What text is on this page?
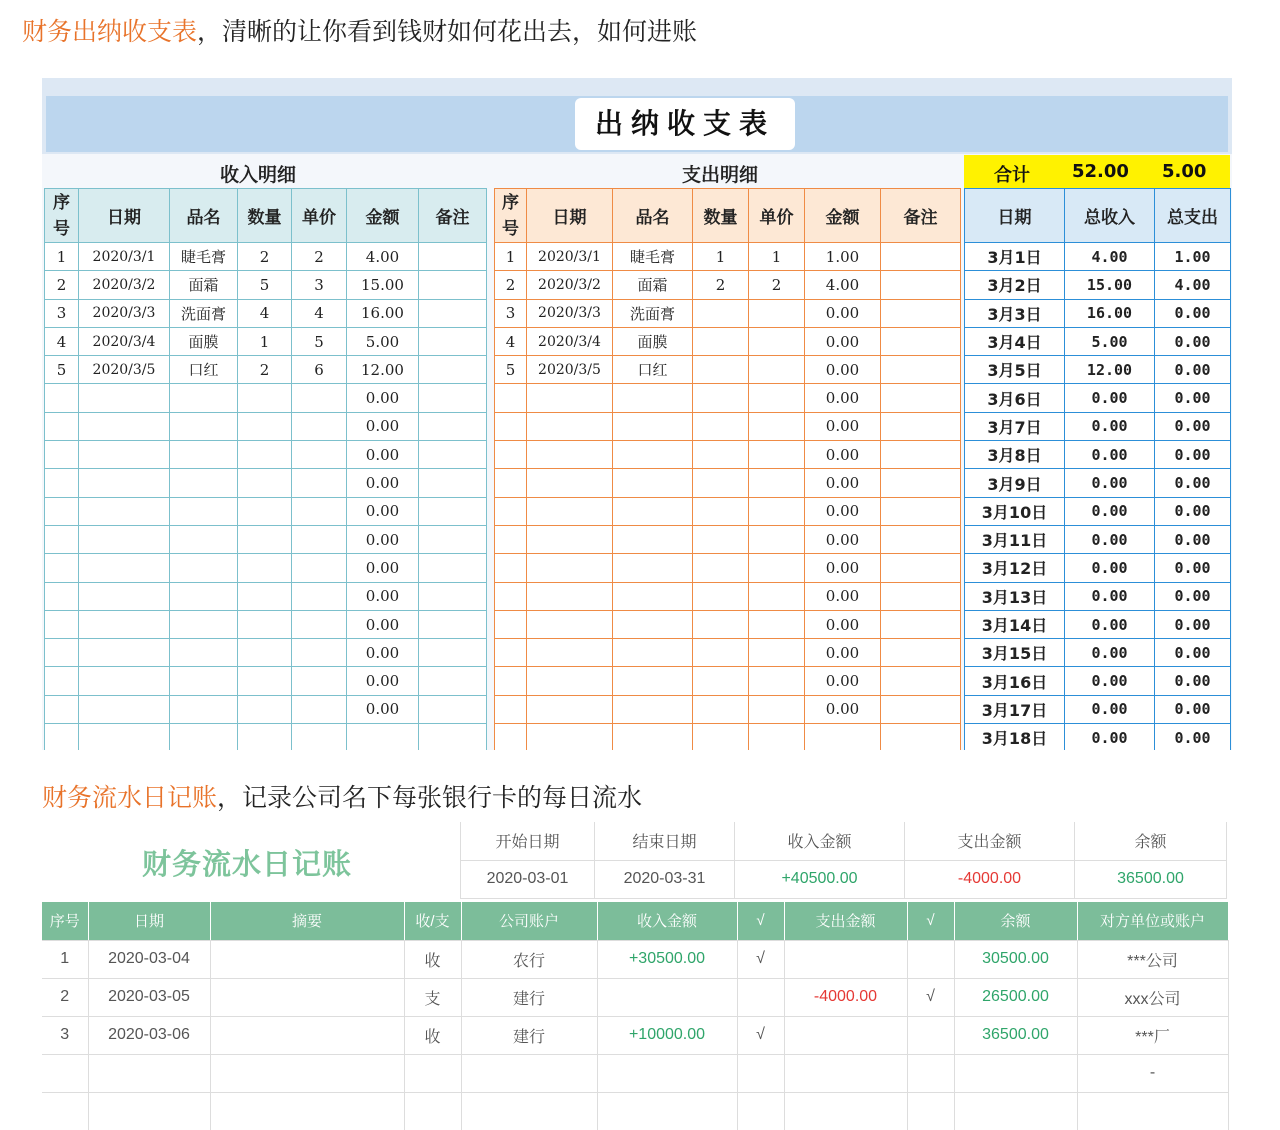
财务出纳收支表，清晰的让你看到钱财如何花出去，如何进账
出纳收支表
收入明细	支出明细	合计 52.00 5.00
序号	日期	品名	数量	单价	金额	备注
1	2020/3/1	睫毛膏	2	2	4.00	
2	2020/3/2	面霜	5	3	15.00	
3	2020/3/3	洗面膏	4	4	16.00	
4	2020/3/4	面膜	1	5	5.00	
5	2020/3/5	口红	2	6	12.00	
					0.00	
					0.00	
					0.00	
					0.00	
					0.00	
					0.00	
					0.00	
					0.00	
					0.00	
					0.00	
					0.00	
					0.00	

序号	日期	品名	数量	单价	金额	备注
1	2020/3/1	睫毛膏	1	1	1.00	
2	2020/3/2	面霜	2	2	4.00	
3	2020/3/3	洗面膏			0.00	
4	2020/3/4	面膜			0.00	
5	2020/3/5	口红			0.00	
					0.00	
					0.00	
					0.00	
					0.00	
					0.00	
					0.00	
					0.00	
					0.00	
					0.00	
					0.00	
					0.00	
					0.00	

日期	总收入	总支出
3月1日	4.00	1.00
3月2日	15.00	4.00
3月3日	16.00	0.00
3月4日	5.00	0.00
3月5日	12.00	0.00
3月6日	0.00	0.00
3月7日	0.00	0.00
3月8日	0.00	0.00
3月9日	0.00	0.00
3月10日	0.00	0.00
3月11日	0.00	0.00
3月12日	0.00	0.00
3月13日	0.00	0.00
3月14日	0.00	0.00
3月15日	0.00	0.00
3月16日	0.00	0.00
3月17日	0.00	0.00
3月18日	0.00	0.00
财务流水日记账，记录公司名下每张银行卡的每日流水
财务流水日记账
开始日期	结束日期	收入金额	支出金额	余额
2020-03-01	2020-03-31	+40500.00	-4000.00	36500.00
序号	日期	摘要	收/支	公司账户	收入金额	√	支出金额	√	余额	对方单位或账户
1	2020-03-04		收	农行	+30500.00	√			30500.00	***公司
2	2020-03-05		支	建行			-4000.00	√	26500.00	xxx公司
3	2020-03-06		收	建行	+10000.00	√			36500.00	***厂
										-
